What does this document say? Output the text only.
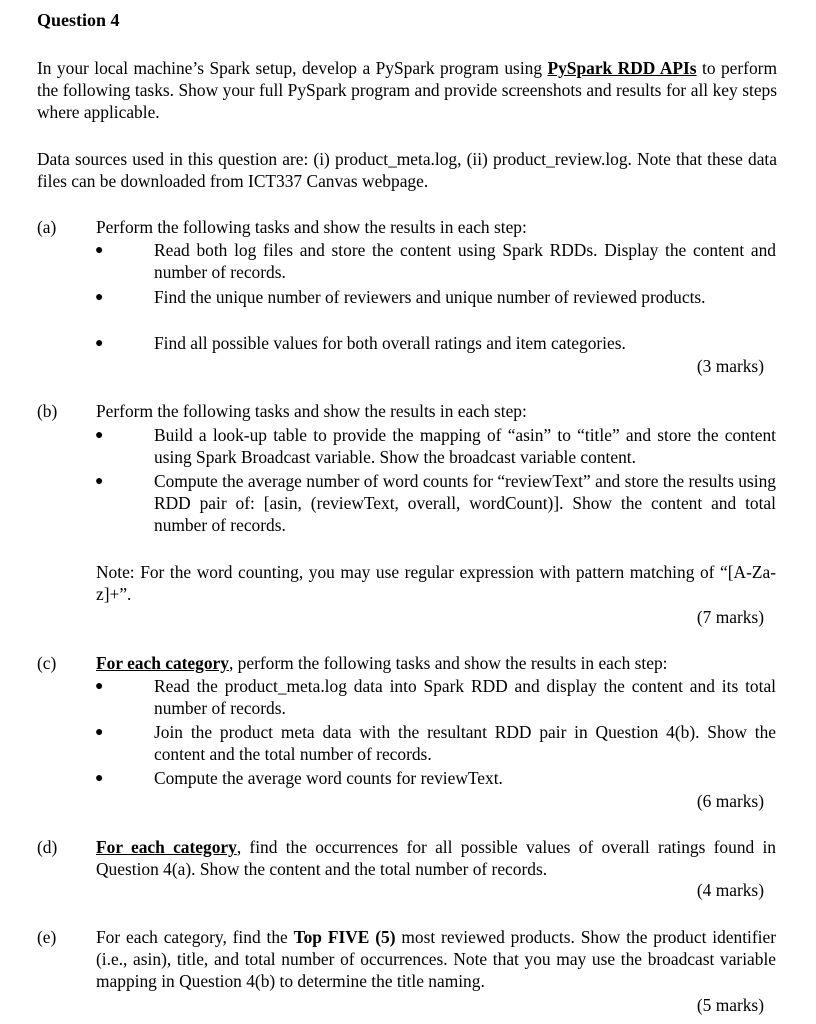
Question 4
In your local machine’s Spark setup, develop a PySpark program using PySpark RDD APIs to perform the following tasks. Show your full PySpark program and provide screenshots and results for all key steps where applicable.
Data sources used in this question are: (i) product_meta.log, (ii) product_review.log. Note that these data files can be downloaded from ICT337 Canvas webpage.
(a) Perform the following tasks and show the results in each step:
●	Read both log files and store the content using Spark RDDs. Display the content and number of records.
●	Find the unique number of reviewers and unique number of reviewed products.
●	Find all possible values for both overall ratings and item categories.
(3 marks)
(b) Perform the following tasks and show the results in each step:
●	Build a look-up table to provide the mapping of “asin” to “title” and store the content using Spark Broadcast variable. Show the broadcast variable content.
●	Compute the average number of word counts for “reviewText” and store the results using RDD pair of: [asin, (reviewText, overall, wordCount)]. Show the content and total number of records.
Note: For the word counting, you may use regular expression with pattern matching of “[A-Za-z]+”.
(7 marks)
(c) For each category, perform the following tasks and show the results in each step:
●	Read the product_meta.log data into Spark RDD and display the content and its total number of records.
●	Join the product meta data with the resultant RDD pair in Question 4(b). Show the content and the total number of records.
●	Compute the average word counts for reviewText.
(6 marks)
(d) For each category, find the occurrences for all possible values of overall ratings found in Question 4(a). Show the content and the total number of records.
(4 marks)
(e) For each category, find the Top FIVE (5) most reviewed products. Show the product identifier (i.e., asin), title, and total number of occurrences. Note that you may use the broadcast variable mapping in Question 4(b) to determine the title naming.
(5 marks)
